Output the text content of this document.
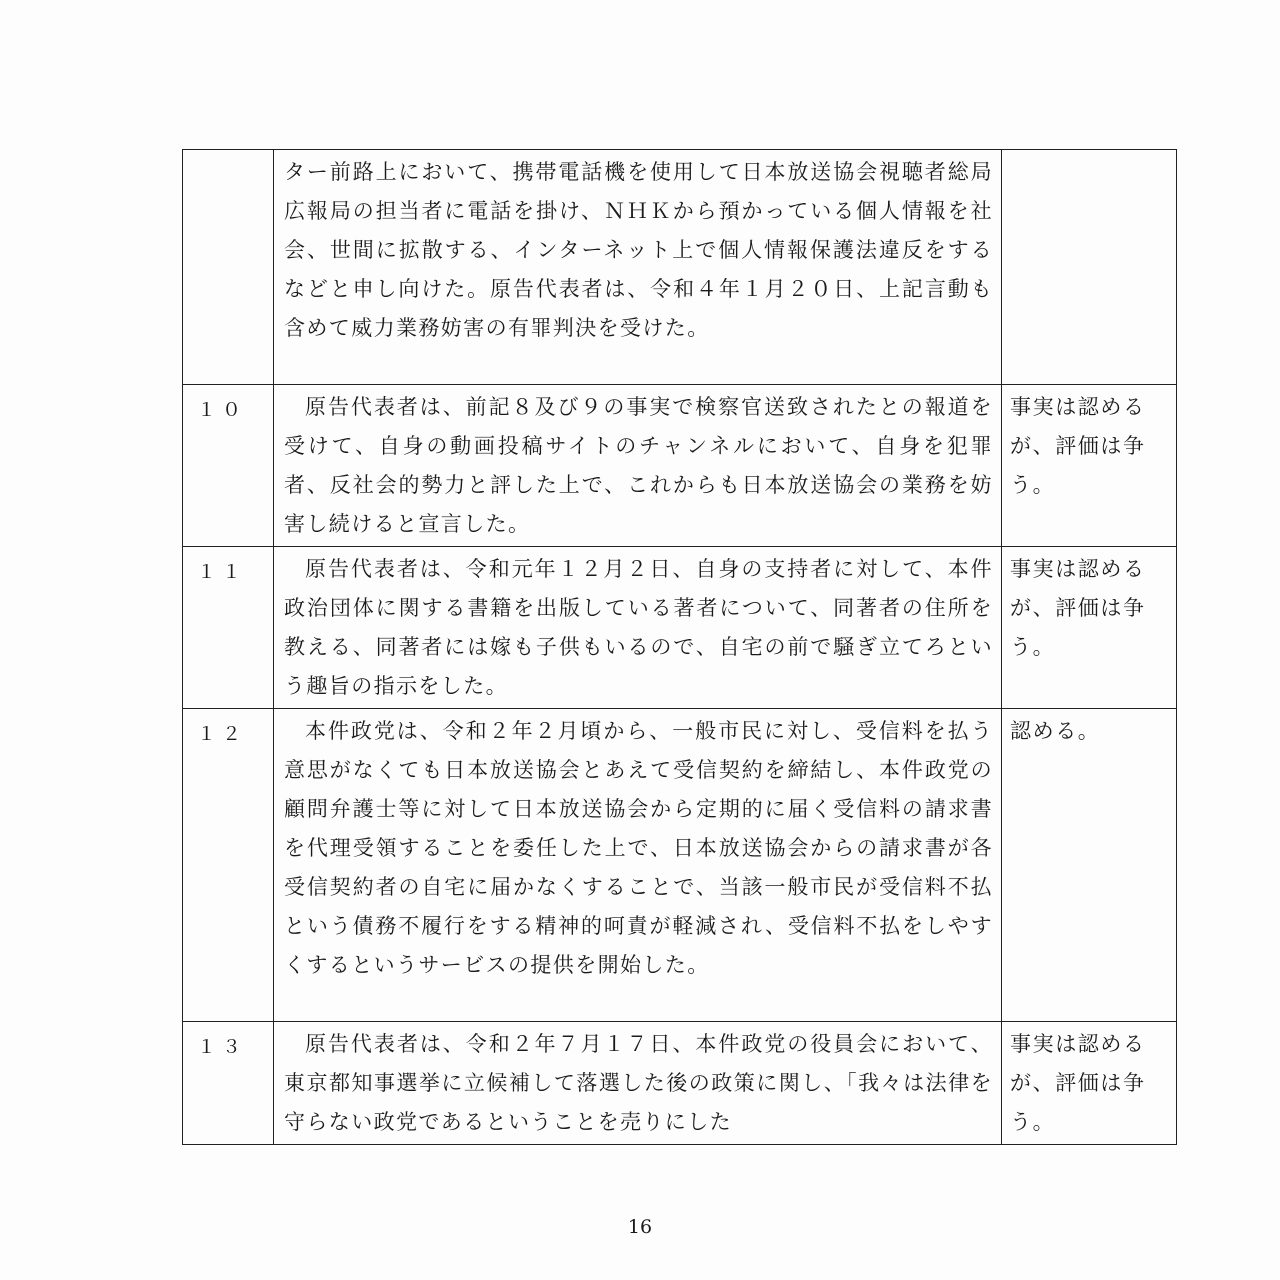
	ター前路上において、携帯電話機を使用して日本放送協会視聴者総局広報局の担当者に電話を掛け、ＮＨＫから預かっている個人情報を社会、世間に拡散する、インターネット上で個人情報保護法違反をするなどと申し向けた。原告代表者は、令和４年１月２０日、上記言動も含めて威力業務妨害の有罪判決を受けた。	

１０	原告代表者は、前記８及び９の事実で検察官送致されたとの報道を受けて、自身の動画投稿サイトのチャンネルにおいて、自身を犯罪者、反社会的勢力と評した上で、これからも日本放送協会の業務を妨害し続けると宣言した。	事実は認めるが、評価は争う。

１１	原告代表者は、令和元年１２月２日、自身の支持者に対して、本件政治団体に関する書籍を出版している著者について、同著者の住所を教える、同著者には嫁も子供もいるので、自宅の前で騒ぎ立てろという趣旨の指示をした。	事実は認めるが、評価は争う。

１２	本件政党は、令和２年２月頃から、一般市民に対し、受信料を払う意思がなくても日本放送協会とあえて受信契約を締結し、本件政党の顧問弁護士等に対して日本放送協会から定期的に届く受信料の請求書を代理受領することを委任した上で、日本放送協会からの請求書が各受信契約者の自宅に届かなくすることで、当該一般市民が受信料不払という債務不履行をする精神的呵責が軽減され、受信料不払をしやすくするというサービスの提供を開始した。	認める。

１３	原告代表者は、令和２年７月１７日、本件政党の役員会において、東京都知事選挙に立候補して落選した後の政策に関し、「我々は法律を守らない政党であるということを売りにした	事実は認めるが、評価は争う。
16
